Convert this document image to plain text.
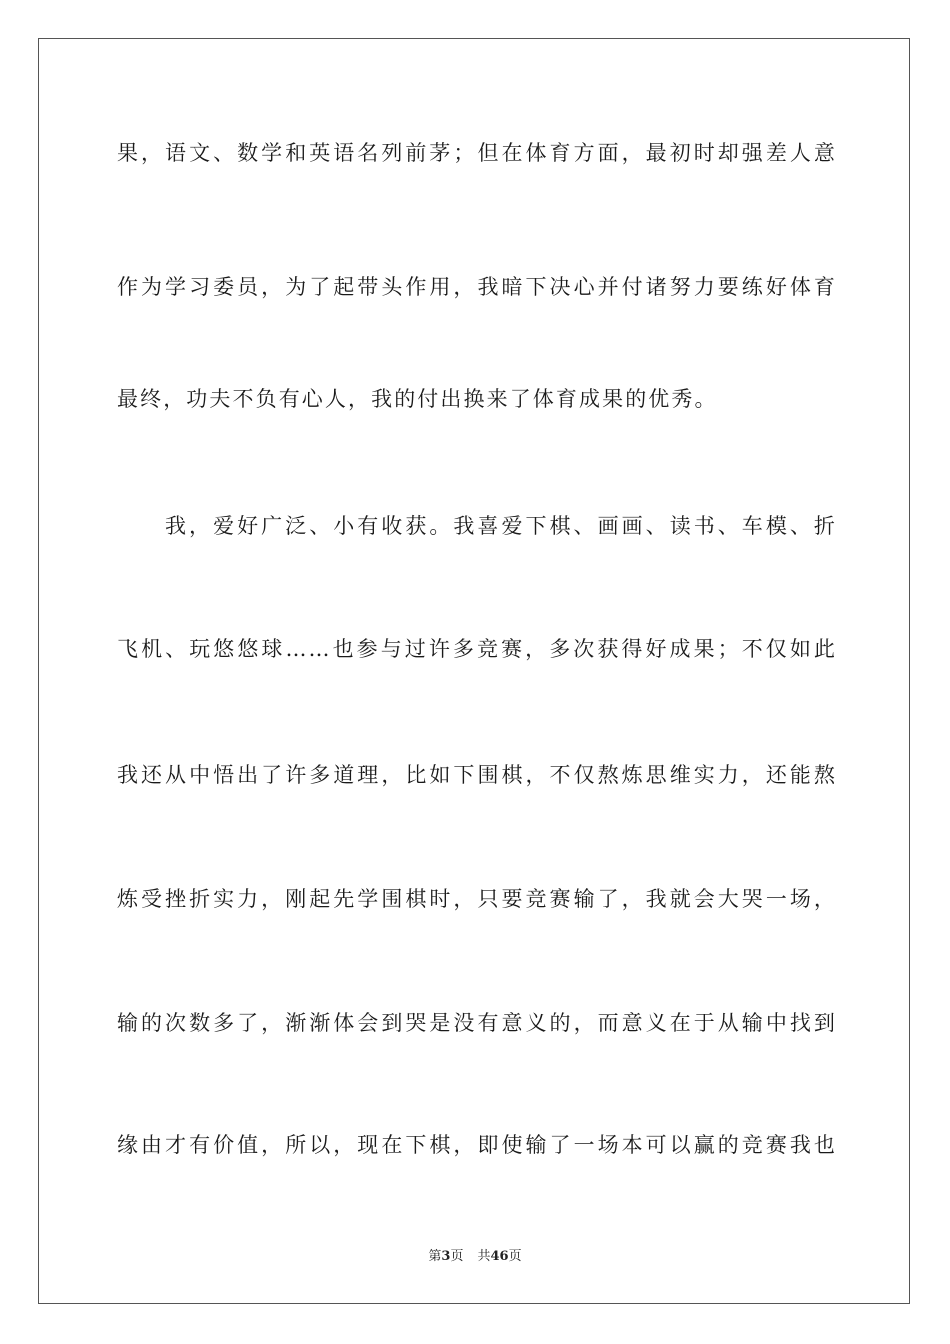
果，语文、数学和英语名列前茅；但在体育方面，最初时却强差人意
作为学习委员，为了起带头作用，我暗下决心并付诸努力要练好体育
最终，功夫不负有心人，我的付出换来了体育成果的优秀。
我，爱好广泛、小有收获。我喜爱下棋、画画、读书、车模、折
飞机、玩悠悠球……也参与过许多竞赛，多次获得好成果；不仅如此
我还从中悟出了许多道理，比如下围棋，不仅熬炼思维实力，还能熬
炼受挫折实力，刚起先学围棋时，只要竞赛输了，我就会大哭一场，
输的次数多了，渐渐体会到哭是没有意义的，而意义在于从输中找到
缘由才有价值，所以，现在下棋，即使输了一场本可以赢的竞赛我也
第3页 共46页
